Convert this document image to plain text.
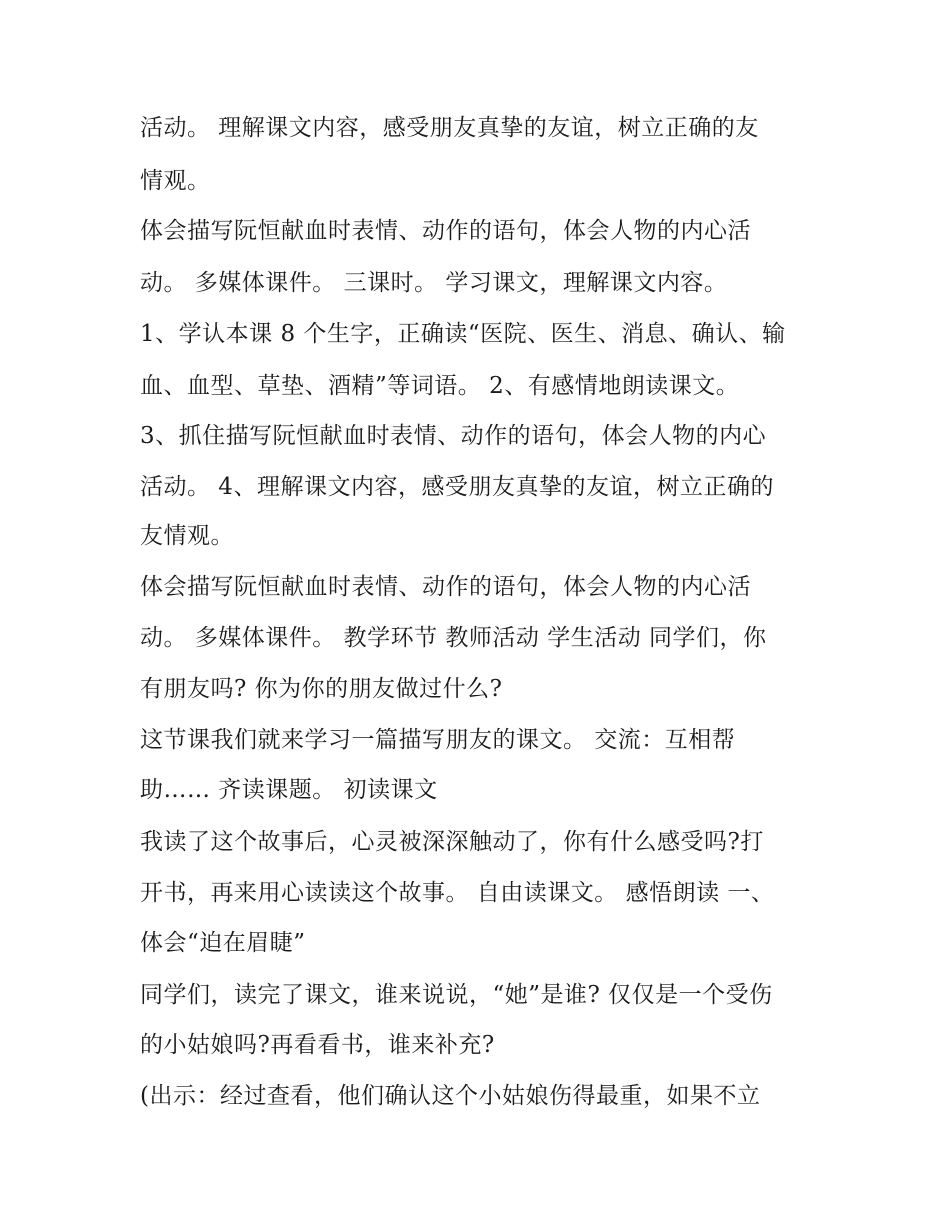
活动。 理解课文内容，感受朋友真挚的友谊，树立正确的友
情观。
体会描写阮恒献血时表情、动作的语句，体会人物的内心活
动。 多媒体课件。 三课时。 学习课文，理解课文内容。
1、学认本课 8 个生字，正确读“医院、医生、消息、确认、输
血、血型、草垫、酒精”等词语。 2、有感情地朗读课文。
3、抓住描写阮恒献血时表情、动作的语句，体会人物的内心
活动。 4、理解课文内容，感受朋友真挚的友谊，树立正确的
友情观。
体会描写阮恒献血时表情、动作的语句，体会人物的内心活
动。 多媒体课件。 教学环节 教师活动 学生活动 同学们，你
有朋友吗? 你为你的朋友做过什么?
这节课我们就来学习一篇描写朋友的课文。 交流：互相帮
助…… 齐读课题。 初读课文
我读了这个故事后，心灵被深深触动了，你有什么感受吗?打
开书，再来用心读读这个故事。 自由读课文。 感悟朗读 一、
体会“迫在眉睫”
同学们，读完了课文，谁来说说，“她”是谁? 仅仅是一个受伤
的小姑娘吗?再看看书，谁来补充?
(出示：经过查看，他们确认这个小姑娘伤得最重，如果不立
